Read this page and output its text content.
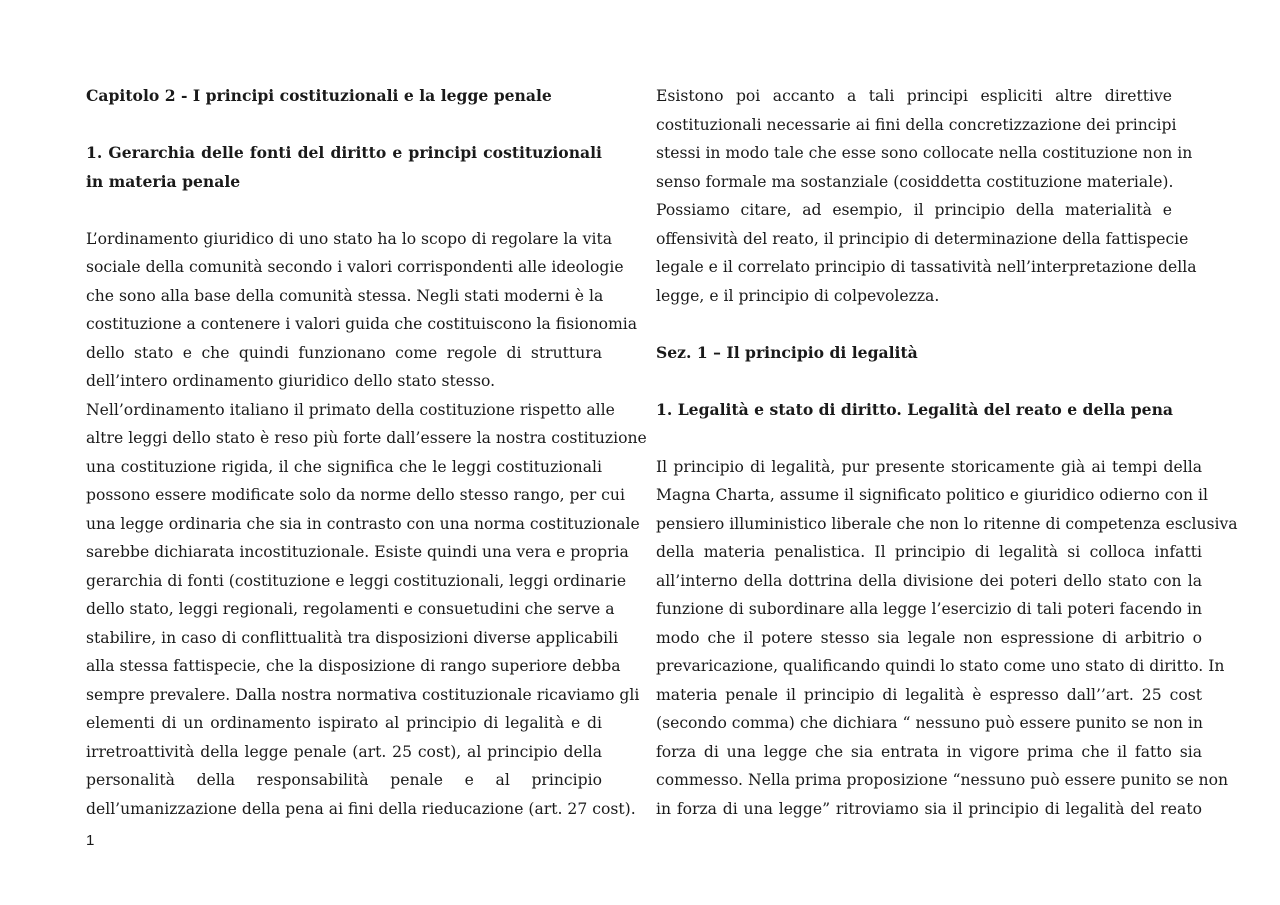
Capitolo 2 - I principi costituzionali e la legge penale
1. Gerarchia delle fonti del diritto e principi costituzionali
in materia penale
L’ordinamento giuridico di uno stato ha lo scopo di regolare la vita
sociale della comunità secondo i valori corrispondenti alle ideologie
che sono alla base della comunità stessa. Negli stati moderni è la
costituzione a contenere i valori guida che costituiscono la fisionomia
dello stato e che quindi funzionano come regole di struttura
dell’intero ordinamento giuridico dello stato stesso.
Nell’ordinamento italiano il primato della costituzione rispetto alle
altre leggi dello stato è reso più forte dall’essere la nostra costituzione
una costituzione rigida, il che significa che le leggi costituzionali
possono essere modificate solo da norme dello stesso rango, per cui
una legge ordinaria che sia in contrasto con una norma costituzionale
sarebbe dichiarata incostituzionale. Esiste quindi una vera e propria
gerarchia di fonti (costituzione e leggi costituzionali, leggi ordinarie
dello stato, leggi regionali, regolamenti e consuetudini che serve a
stabilire, in caso di conflittualità tra disposizioni diverse applicabili
alla stessa fattispecie, che la disposizione di rango superiore debba
sempre prevalere. Dalla nostra normativa costituzionale ricaviamo gli
elementi di un ordinamento ispirato al principio di legalità e di
irretroattività della legge penale (art. 25 cost), al principio della
personalità della responsabilità penale e al principio
dell’umanizzazione della pena ai fini della rieducazione (art. 27 cost).
Esistono poi accanto a tali principi espliciti altre direttive
costituzionali necessarie ai fini della concretizzazione dei principi
stessi in modo tale che esse sono collocate nella costituzione non in
senso formale ma sostanziale (cosiddetta costituzione materiale).
Possiamo citare, ad esempio, il principio della materialità e
offensività del reato, il principio di determinazione della fattispecie
legale e il correlato principio di tassatività nell’interpretazione della
legge, e il principio di colpevolezza.
Sez. 1 – Il principio di legalità
1. Legalità e stato di diritto. Legalità del reato e della pena
Il principio di legalità, pur presente storicamente già ai tempi della
Magna Charta, assume il significato politico e giuridico odierno con il
pensiero illuministico liberale che non lo ritenne di competenza esclusiva
della materia penalistica. Il principio di legalità si colloca infatti
all’interno della dottrina della divisione dei poteri dello stato con la
funzione di subordinare alla legge l’esercizio di tali poteri facendo in
modo che il potere stesso sia legale non espressione di arbitrio o
prevaricazione, qualificando quindi lo stato come uno stato di diritto. In
materia penale il principio di legalità è espresso dall’’art. 25 cost
(secondo comma) che dichiara “ nessuno può essere punito se non in
forza di una legge che sia entrata in vigore prima che il fatto sia
commesso. Nella prima proposizione “nessuno può essere punito se non
in forza di una legge” ritroviamo sia il principio di legalità del reato
1
